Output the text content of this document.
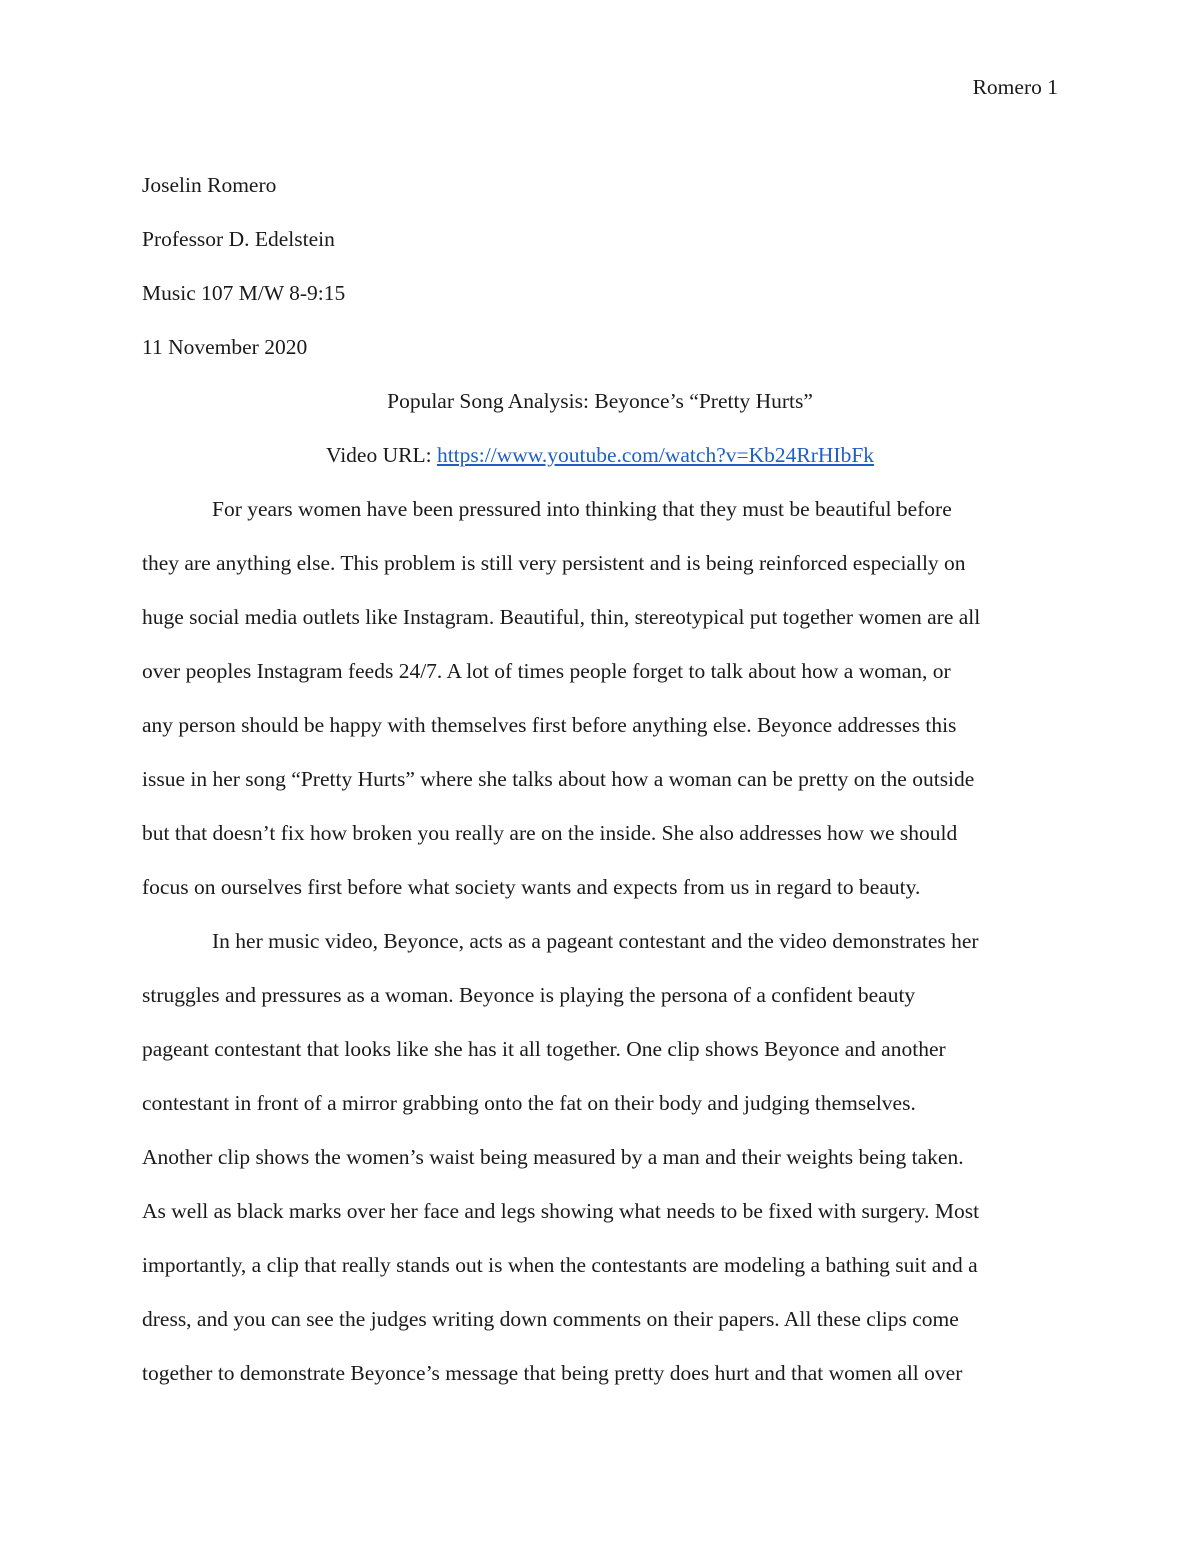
Romero 1
Joselin Romero
Professor D. Edelstein
Music 107 M/W 8-9:15
11 November 2020
Popular Song Analysis: Beyonce’s “Pretty Hurts”
Video URL: https://www.youtube.com/watch?v=Kb24RrHIbFk
For years women have been pressured into thinking that they must be beautiful before
they are anything else. This problem is still very persistent and is being reinforced especially on
huge social media outlets like Instagram. Beautiful, thin, stereotypical put together women are all
over peoples Instagram feeds 24/7. A lot of times people forget to talk about how a woman, or
any person should be happy with themselves first before anything else. Beyonce addresses this
issue in her song “Pretty Hurts” where she talks about how a woman can be pretty on the outside
but that doesn’t fix how broken you really are on the inside. She also addresses how we should
focus on ourselves first before what society wants and expects from us in regard to beauty.
In her music video, Beyonce, acts as a pageant contestant and the video demonstrates her
struggles and pressures as a woman. Beyonce is playing the persona of a confident beauty
pageant contestant that looks like she has it all together. One clip shows Beyonce and another
contestant in front of a mirror grabbing onto the fat on their body and judging themselves.
Another clip shows the women’s waist being measured by a man and their weights being taken.
As well as black marks over her face and legs showing what needs to be fixed with surgery. Most
importantly, a clip that really stands out is when the contestants are modeling a bathing suit and a
dress, and you can see the judges writing down comments on their papers. All these clips come
together to demonstrate Beyonce’s message that being pretty does hurt and that women all over
